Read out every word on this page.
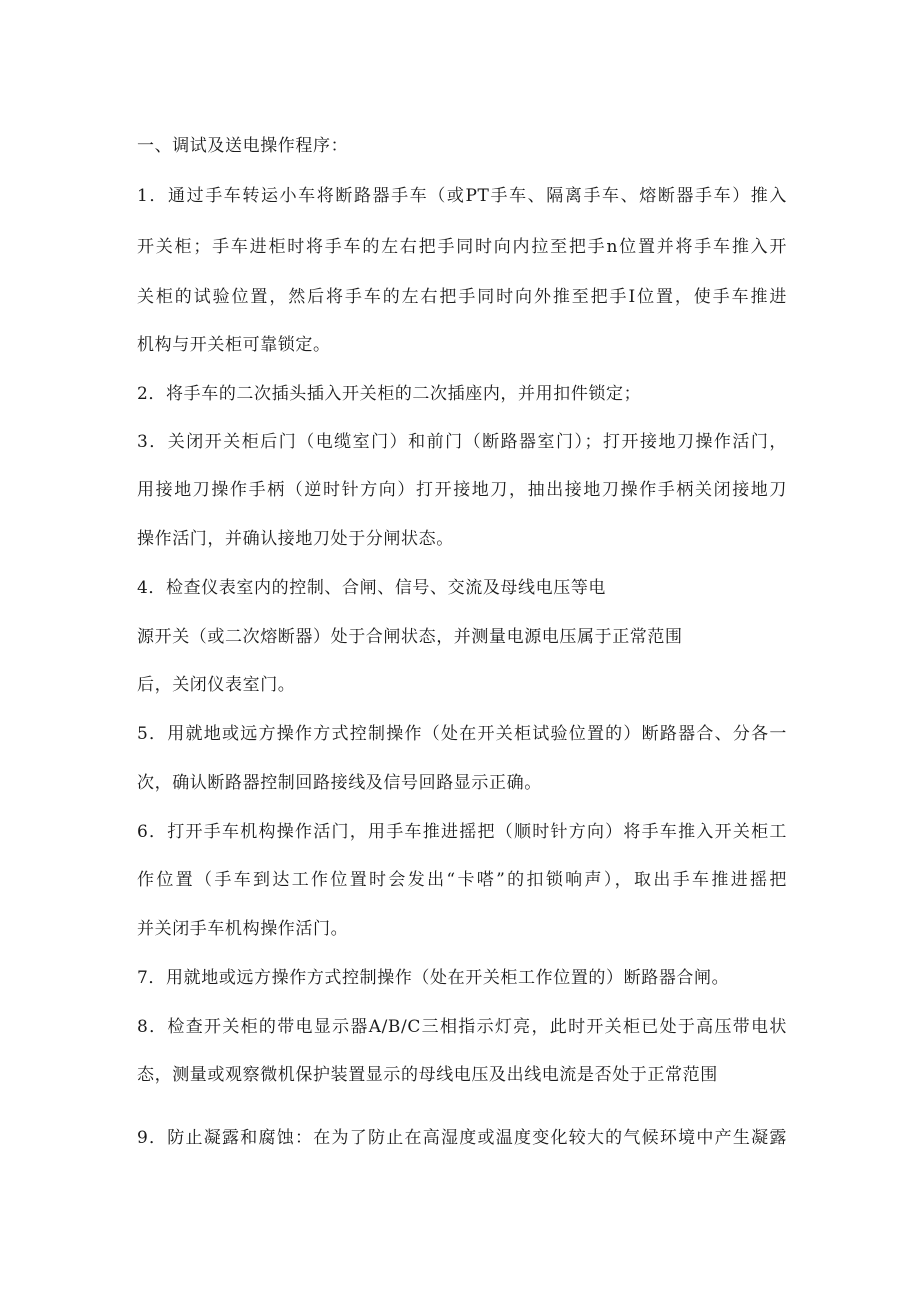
一、调试及送电操作程序：
1．通过手车转运小车将断路器手车（或PT手车、隔离手车、熔断器手车）推入
开关柜；手车进柜时将手车的左右把手同时向内拉至把手n位置并将手车推入开
关柜的试验位置，然后将手车的左右把手同时向外推至把手I位置，使手车推进
机构与开关柜可靠锁定。
2．将手车的二次插头插入开关柜的二次插座内，并用扣件锁定；
3．关闭开关柜后门（电缆室门）和前门（断路器室门）；打开接地刀操作活门，
用接地刀操作手柄（逆时针方向）打开接地刀，抽出接地刀操作手柄关闭接地刀
操作活门，并确认接地刀处于分闸状态。
4．检查仪表室内的控制、合闸、信号、交流及母线电压等电
源开关（或二次熔断器）处于合闸状态，并测量电源电压属于正常范围
后，关闭仪表室门。
5．用就地或远方操作方式控制操作（处在开关柜试验位置的）断路器合、分各一
次，确认断路器控制回路接线及信号回路显示正确。
6．打开手车机构操作活门，用手车推进摇把（顺时针方向）将手车推入开关柜工
作位置（手车到达工作位置时会发出“卡嗒”的扣锁响声），取出手车推进摇把
并关闭手车机构操作活门。
7．用就地或远方操作方式控制操作（处在开关柜工作位置的）断路器合闸。
8．检查开关柜的带电显示器A/B/C三相指示灯亮，此时开关柜已处于高压带电状
态，测量或观察微机保护装置显示的母线电压及出线电流是否处于正常范围
9．防止凝露和腐蚀：在为了防止在高湿度或温度变化较大的气候环境中产生凝露
